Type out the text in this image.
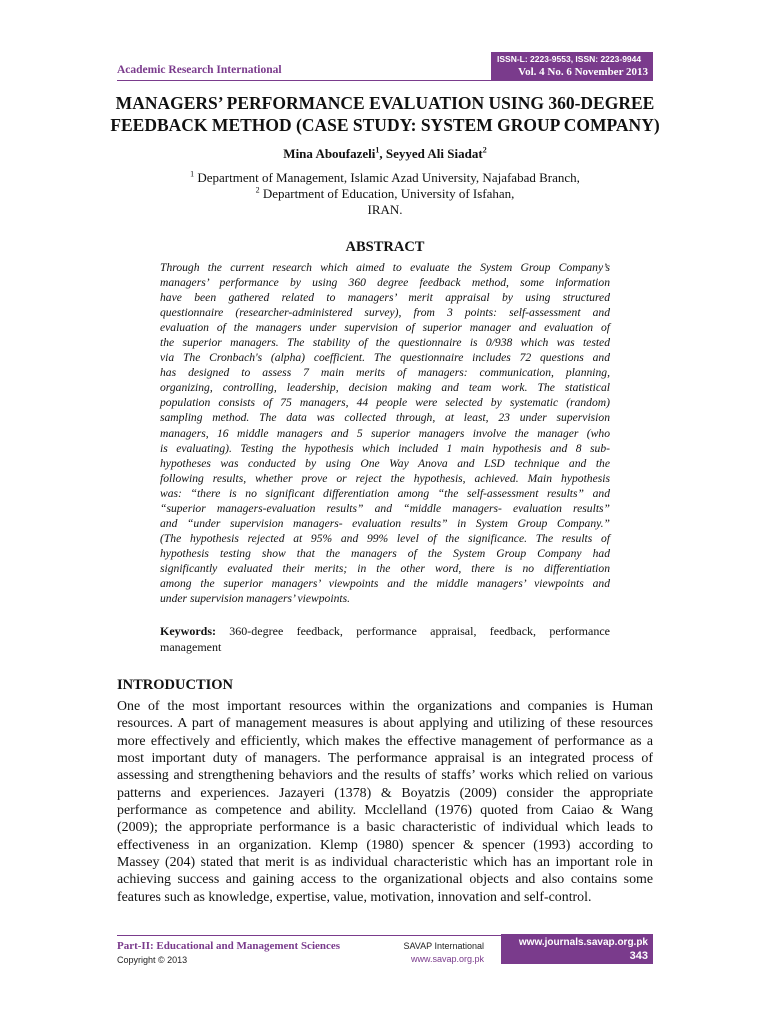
Academic Research International
ISSN-L: 2223-9553, ISSN: 2223-9944
Vol. 4 No. 6 November 2013
MANAGERS’ PERFORMANCE EVALUATION USING 360-DEGREE
FEEDBACK METHOD (CASE STUDY: SYSTEM GROUP COMPANY)
Mina Aboufazeli$^1$, Seyyed Ali Siadat$^2$
$^1$ Department of Management, Islamic Azad University, Najafabad Branch,
$^2$ Department of Education, University of Isfahan,
IRAN.
ABSTRACT
Through the current research which aimed to evaluate the System Group Company’s
managers’ performance by using 360 degree feedback method, some information
have been gathered related to managers’ merit appraisal by using structured
questionnaire (researcher-administered survey), from 3 points: self-assessment and
evaluation of the managers under supervision of superior manager and evaluation of
the superior managers. The stability of the questionnaire is 0/938 which was tested
via The Cronbach's (alpha) coefficient. The questionnaire includes 72 questions and
has designed to assess 7 main merits of managers: communication, planning,
organizing, controlling, leadership, decision making and team work. The statistical
population consists of 75 managers, 44 people were selected by systematic (random)
sampling method. The data was collected through, at least, 23 under supervision
managers, 16 middle managers and 5 superior managers involve the manager (who
is evaluating). Testing the hypothesis which included 1 main hypothesis and 8 sub-
hypotheses was conducted by using One Way Anova and LSD technique and the
following results, whether prove or reject the hypothesis, achieved. Main hypothesis
was: “there is no significant differentiation among “the self-assessment results” and
“superior managers-evaluation results” and “middle managers- evaluation results”
and “under supervision managers- evaluation results” in System Group Company.”
(The hypothesis rejected at 95% and 99% level of the significance. The results of
hypothesis testing show that the managers of the System Group Company had
significantly evaluated their merits; in the other word, there is no differentiation
among the superior managers’ viewpoints and the middle managers’ viewpoints and
under supervision managers’ viewpoints.
Keywords: 360-degree feedback, performance appraisal, feedback, performance
management
INTRODUCTION
One of the most important resources within the organizations and companies is Human
resources. A part of management measures is about applying and utilizing of these resources
more effectively and efficiently, which makes the effective management of performance as a
most important duty of managers. The performance appraisal is an integrated process of
assessing and strengthening behaviors and the results of staffs’ works which relied on various
patterns and experiences. Jazayeri (1378) & Boyatzis (2009) consider the appropriate
performance as competence and ability. Mcclelland (1976) quoted from Caiao & Wang
(2009); the appropriate performance is a basic characteristic of individual which leads to
effectiveness in an organization. Klemp (1980) spencer & spencer (1993) according to
Massey (204) stated that merit is as individual characteristic which has an important role in
achieving success and gaining access to the organizational objects and also contains some
features such as knowledge, expertise, value, motivation, innovation and self-control.
Part-II: Educational and Management Sciences
Copyright © 2013
SAVAP International
www.savap.org.pk
www.journals.savap.org.pk
343
